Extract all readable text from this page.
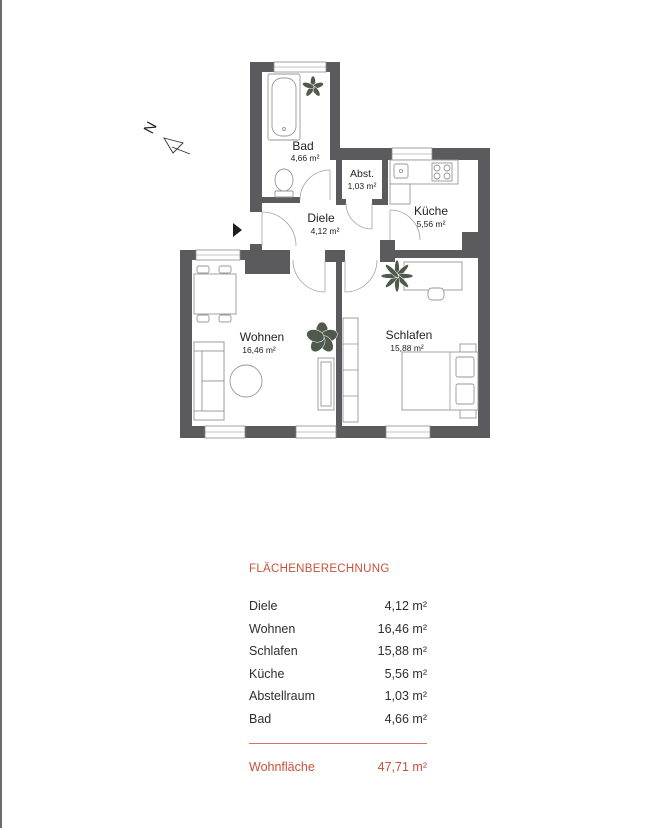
N
Bad
4,66 m²
Abst.
1,03 m²
Küche
5,56 m²
Diele
4,12 m²
Wohnen
16,46 m²
Schlafen
15,88 m²
FLÄCHENBERECHNUNG
Diele	4,12 m²
Wohnen	16,46 m²
Schlafen	15,88 m²
Küche	5,56 m²
Abstellraum	1,03 m²
Bad	4,66 m²
Wohnfläche	47,71 m²
